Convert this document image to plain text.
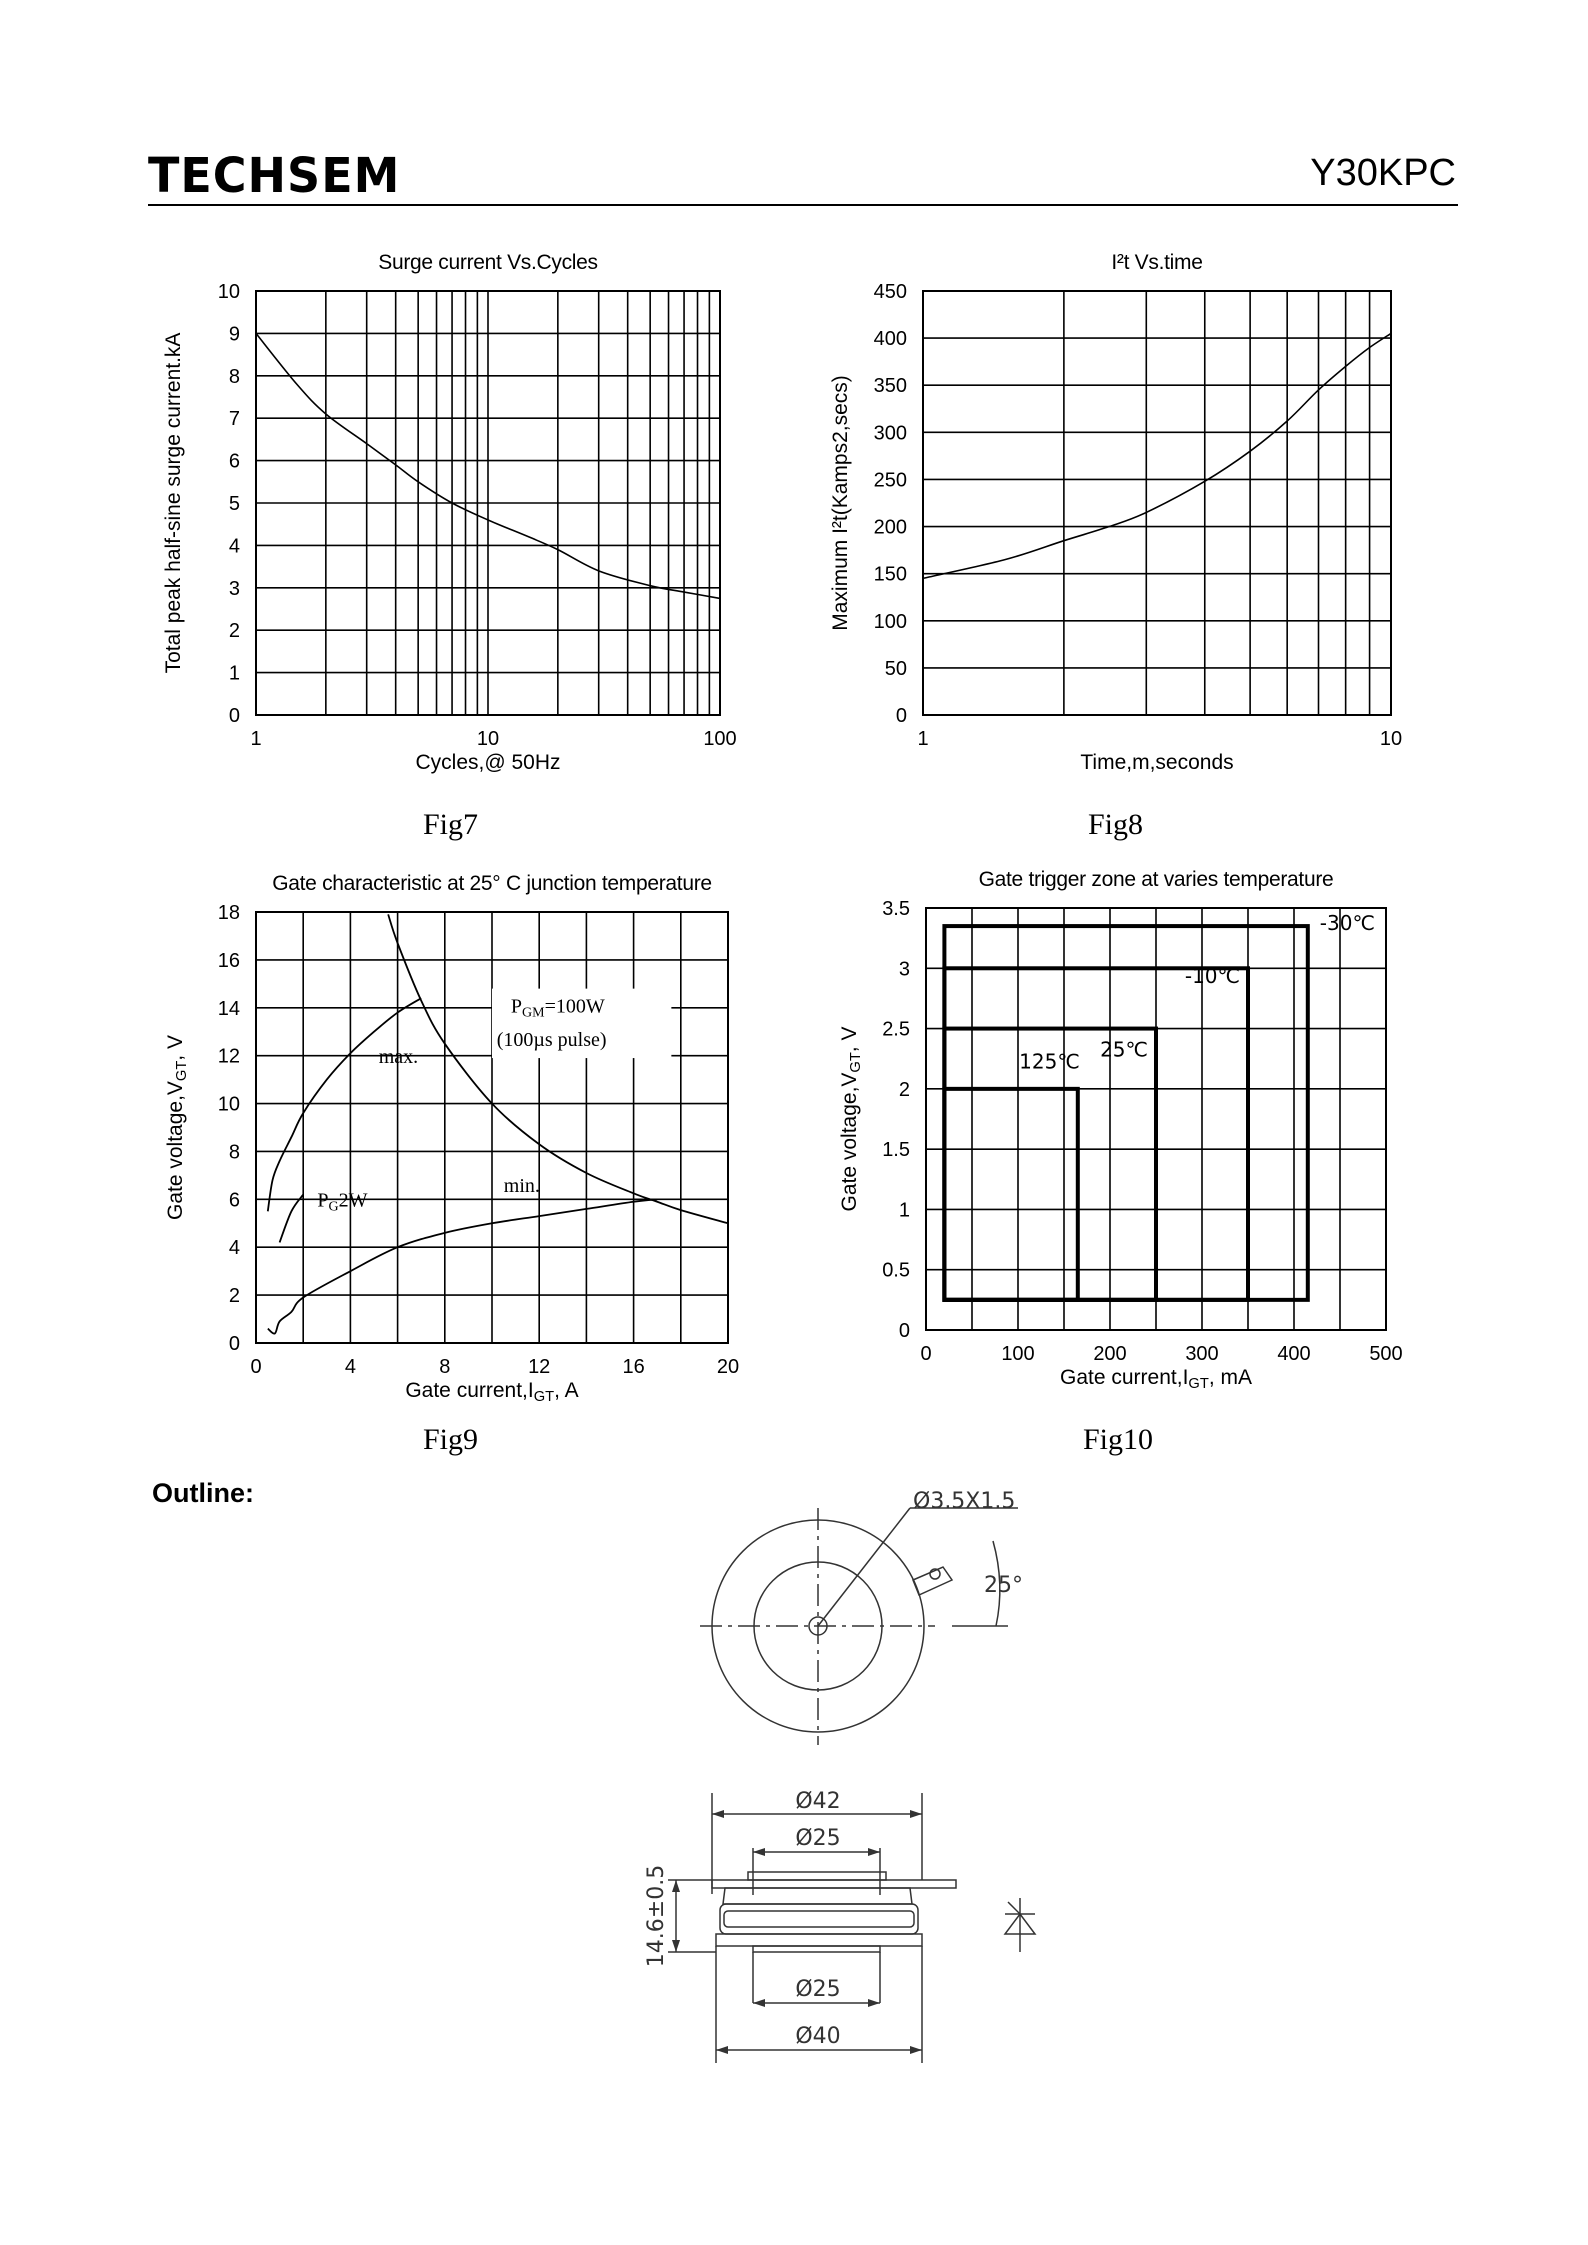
TECHSEM	Y30KPC
1	10	100
0
1
2
3
4
5
6
7
8
9
10
Surge current Vs.Cycles
Cycles,@ 50Hz
Total peak half-sine surge current.kA
1	10
0
50
100
150
200
250
300
350
400
450
I²t Vs.time
Time,m,seconds
Maximum I²t(Kamps2,secs)
0	4	8	12	16	20
0
2
4
6
8
10
12
14
16
18
Gate characteristic at 25° C junction temperature
Gate current,IGT, A
Gate voltage,VGT, V	max.
min.
$P_{GM}=100W$
(100µs pulse)
$P_G2W$
0	100	200	300	400	500
0
0.5
1
1.5
2
2.5
3
3.5
Gate trigger zone at varies temperature
Gate current,IGT, mA
Gate voltage,VGT, V
-30℃
-10℃
25℃
125℃
Fig7	Fig8
Fig9	Fig10
Outline:	Ø3.5X1.5
25°
Ø42
Ø25
Ø25
Ø40
14.6±0.5
